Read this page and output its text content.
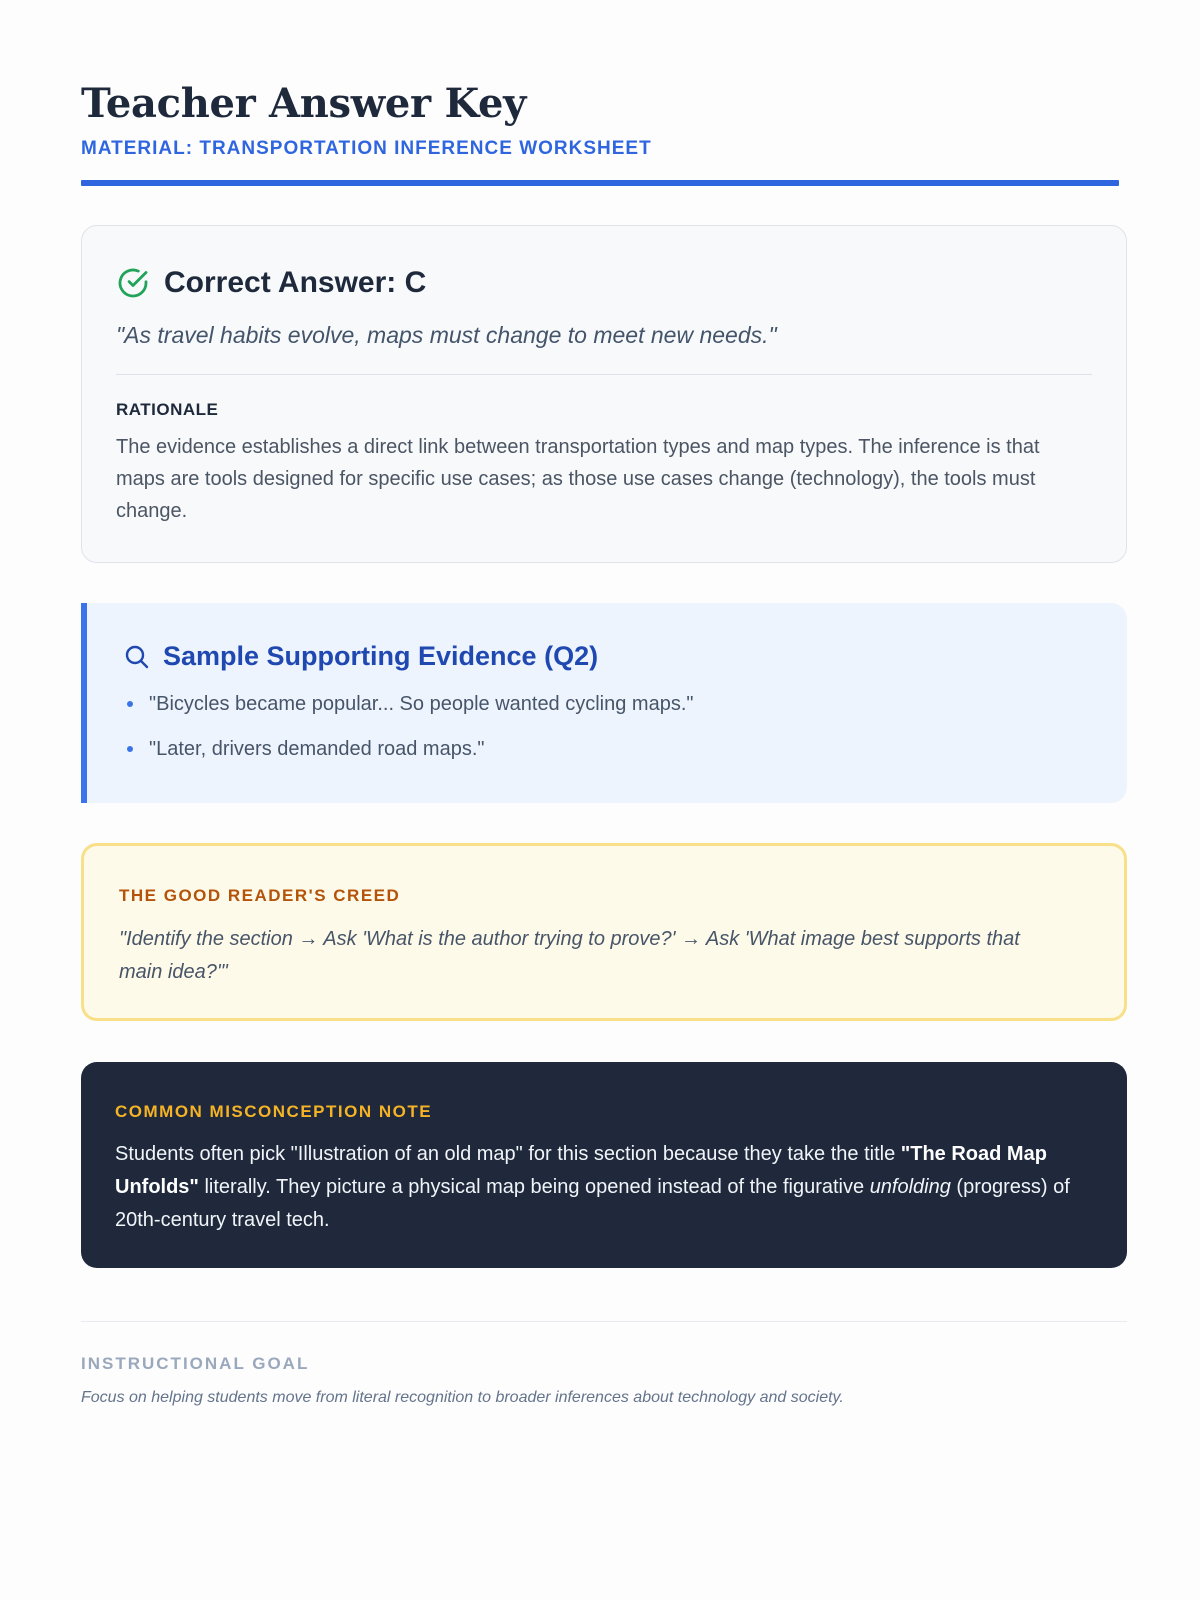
Teacher Answer Key
MATERIAL: TRANSPORTATION INFERENCE WORKSHEET
Correct Answer: C

"As travel habits evolve, maps must change to meet new needs."

RATIONALE

The evidence establishes a direct link between transportation types and map types. The inference is that maps are tools designed for specific use cases; as those use cases change (technology), the tools must change.

Sample Supporting Evidence (Q2)
"Bicycles became popular... So people wanted cycling maps."
"Later, drivers demanded road maps."
THE GOOD READER'S CREED

"Identify the section → Ask 'What is the author trying to prove?' → Ask 'What image best supports that main idea?'"

COMMON MISCONCEPTION NOTE

Students often pick "Illustration of an old map" for this section because they take the title "The Road Map Unfolds" literally. They picture a physical map being opened instead of the figurative unfolding (progress) of 20th-century travel tech.

INSTRUCTIONAL GOAL

Focus on helping students move from literal recognition to broader inferences about technology and society.
